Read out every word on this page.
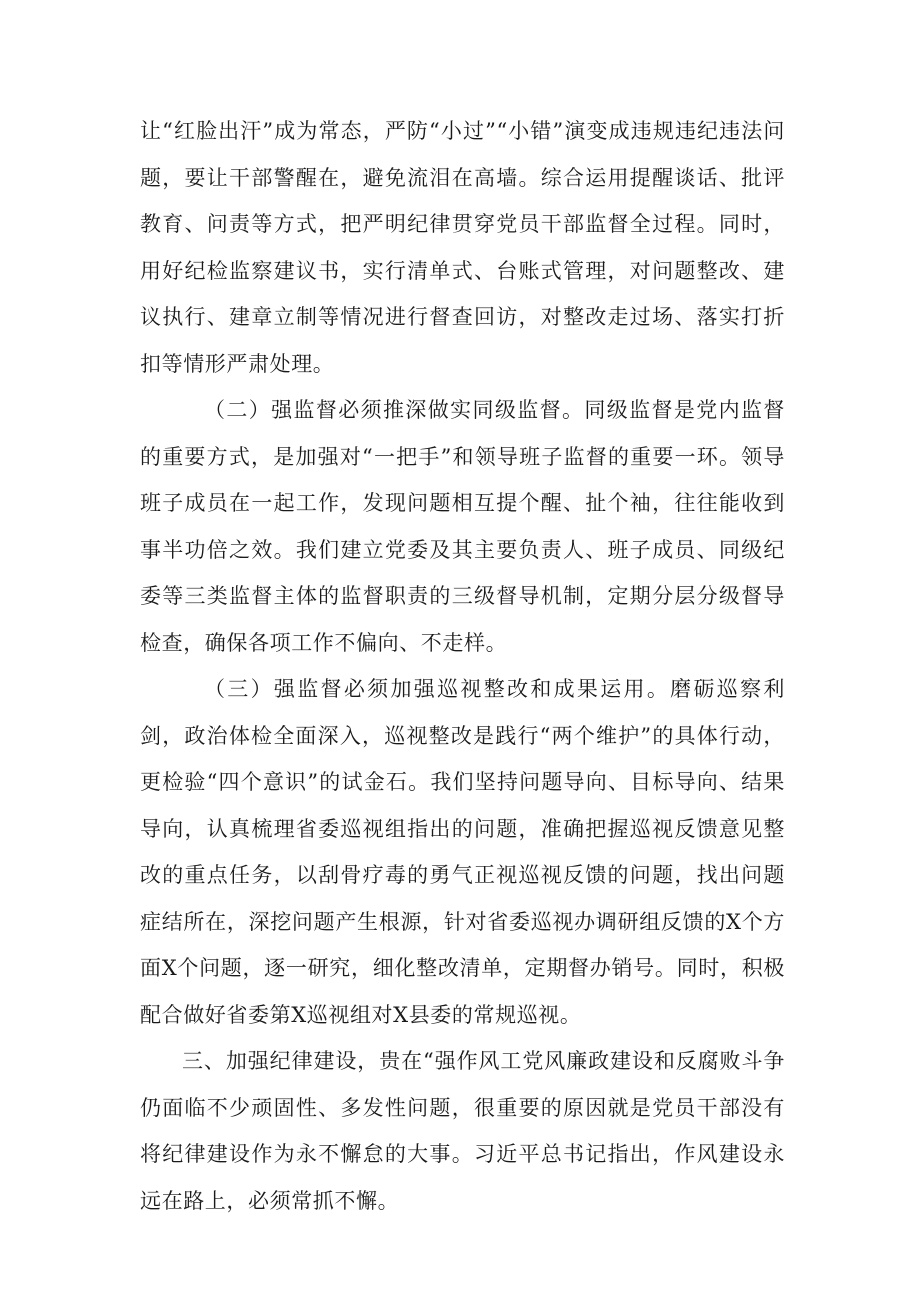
让“红脸出汗”成为常态，严防“小过”“小错”演变成违规违纪违法问题，要让干部警醒在，避免流泪在高墙。综合运用提醒谈话、批评教育、问责等方式，把严明纪律贯穿党员干部监督全过程。同时，用好纪检监察建议书，实行清单式、台账式管理，对问题整改、建议执行、建章立制等情况进行督查回访，对整改走过场、落实打折扣等情形严肃处理。

（二）强监督必须推深做实同级监督。同级监督是党内监督的重要方式，是加强对“一把手”和领导班子监督的重要一环。领导班子成员在一起工作，发现问题相互提个醒、扯个袖，往往能收到事半功倍之效。我们建立党委及其主要负责人、班子成员、同级纪委等三类监督主体的监督职责的三级督导机制，定期分层分级督导检查，确保各项工作不偏向、不走样。

（三）强监督必须加强巡视整改和成果运用。磨砺巡察利剑，政治体检全面深入，巡视整改是践行“两个维护”的具体行动，更检验“四个意识”的试金石。我们坚持问题导向、目标导向、结果导向，认真梳理省委巡视组指出的问题，准确把握巡视反馈意见整改的重点任务，以刮骨疗毒的勇气正视巡视反馈的问题，找出问题症结所在，深挖问题产生根源，针对省委巡视办调研组反馈的X个方面X个问题，逐一研究，细化整改清单，定期督办销号。同时，积极配合做好省委第X巡视组对X县委的常规巡视。

三、加强纪律建设，贵在“强作风工党风廉政建设和反腐败斗争仍面临不少顽固性、多发性问题，很重要的原因就是党员干部没有将纪律建设作为永不懈怠的大事。习近平总书记指出，作风建设永远在路上，必须常抓不懈。
